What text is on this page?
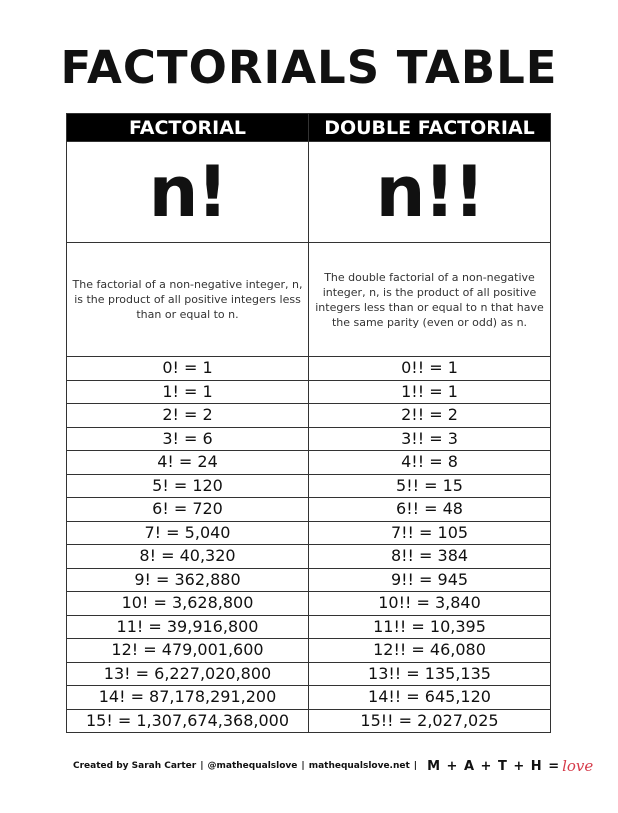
FACTORIALS TABLE
FACTORIAL	DOUBLE FACTORIAL
n!	n!!
The factorial of a non-negative integer, n, is the product of all positive integers less than or equal to n.	The double factorial of a non-negative integer, n, is the product of all positive integers less than or equal to n that have the same parity (even or odd) as n.
0! = 1	0!! = 1
1! = 1	1!! = 1
2! = 2	2!! = 2
3! = 6	3!! = 3
4! = 24	4!! = 8
5! = 120	5!! = 15
6! = 720	6!! = 48
7! = 5,040	7!! = 105
8! = 40,320	8!! = 384
9! = 362,880	9!! = 945
10! = 3,628,800	10!! = 3,840
11! = 39,916,800	11!! = 10,395
12! = 479,001,600	12!! = 46,080
13! = 6,227,020,800	13!! = 135,135
14! = 87,178,291,200	14!! = 645,120
15! = 1,307,674,368,000	15!! = 2,027,025
Created by Sarah Carter | @mathequalslove | mathequalslove.net | M + A + T + H = love
